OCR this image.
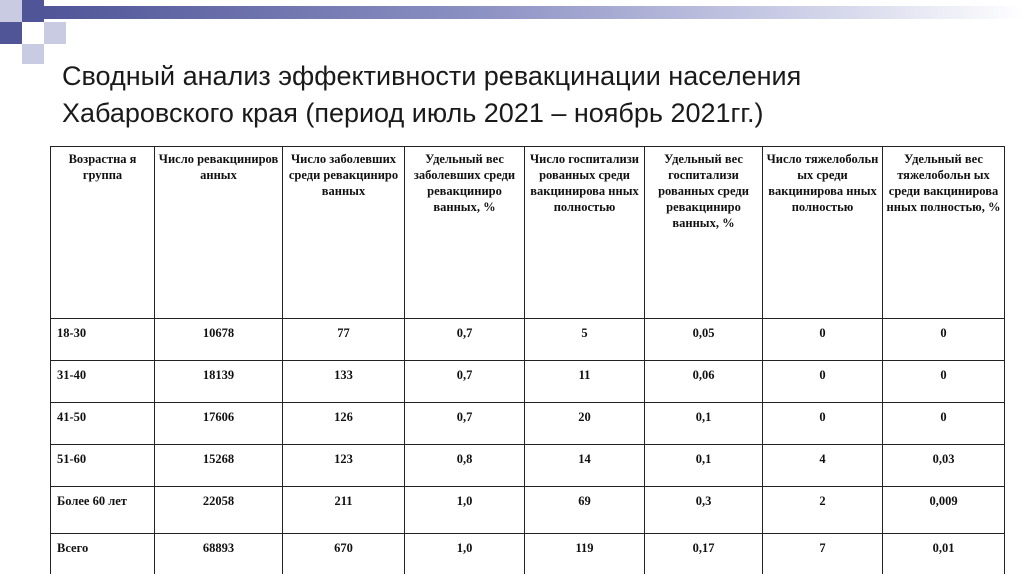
Сводный анализ эффективности ревакцинации населения
Хабаровского края (период июль 2021 – ноябрь 2021гг.)
Возрастна я группа	Число ревакциниров анных	Число заболевших среди ревакциниро ванных	Удельный вес заболевших среди ревакциниро ванных, %	Число госпитализи рованных среди вакцинирова нных полностью	Удельный вес госпитализи рованных среди ревакциниро ванных, %	Число тяжелобольн ых среди вакцинирова нных полностью	Удельный вес тяжелобольн ых среди вакцинирова нных полностью, %
18-30	10678	77	0,7	5	0,05	0	0
31-40	18139	133	0,7	11	0,06	0	0
41-50	17606	126	0,7	20	0,1	0	0
51-60	15268	123	0,8	14	0,1	4	0,03
Более 60 лет	22058	211	1,0	69	0,3	2	0,009
Всего	68893	670	1,0	119	0,17	7	0,01
